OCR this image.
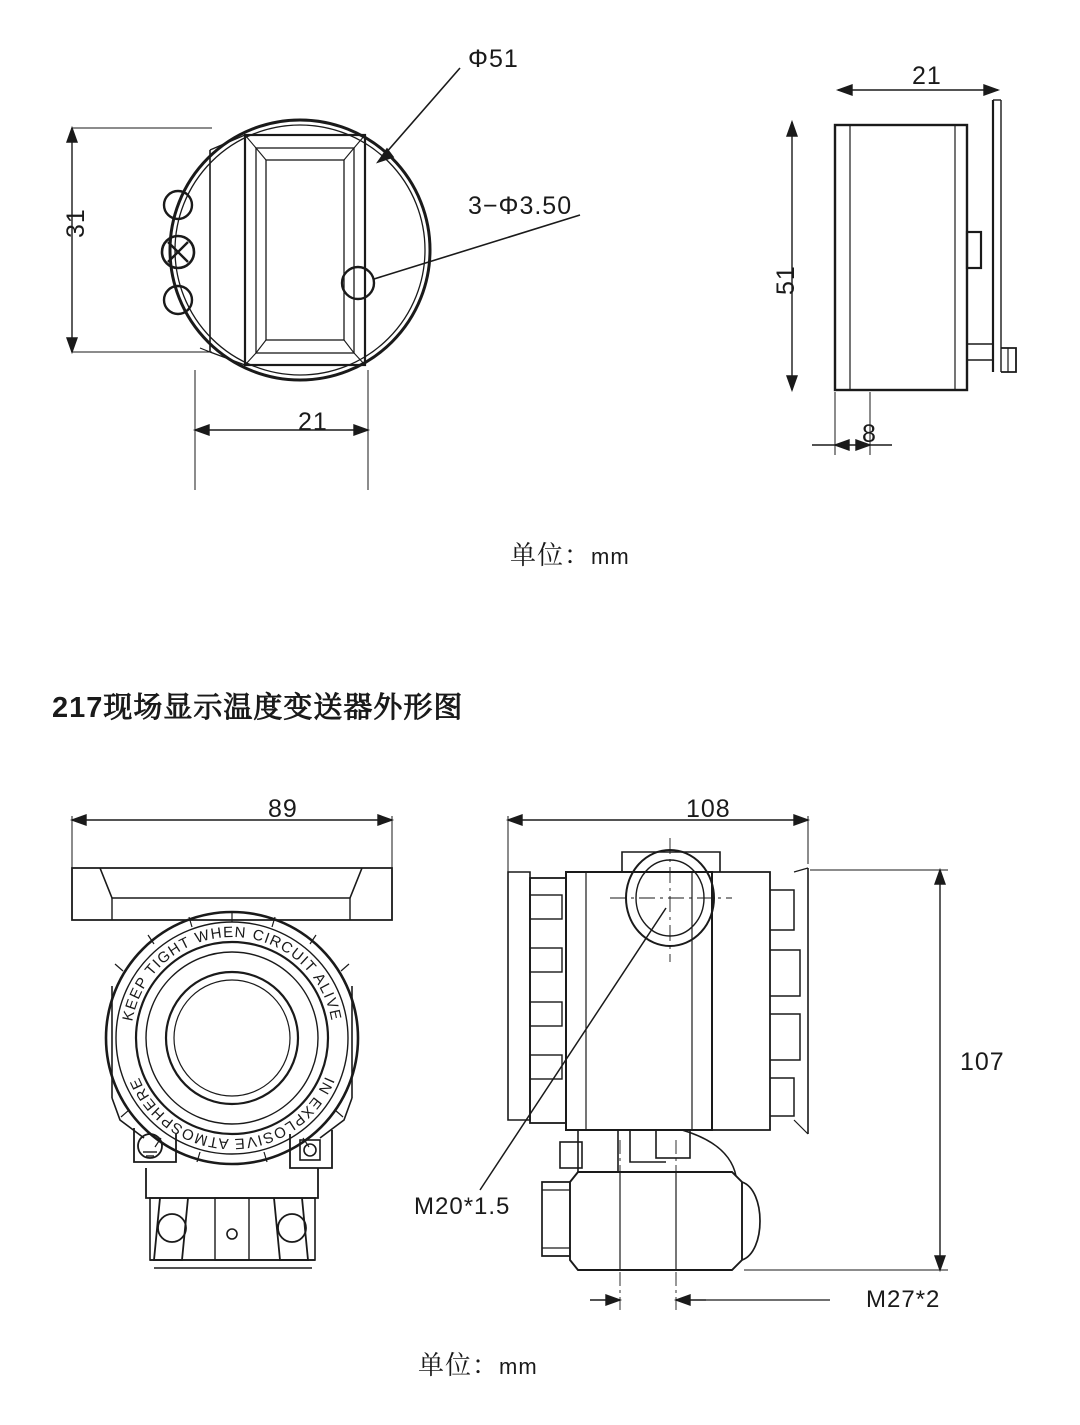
31
21
Φ51
3−Φ3.50
21
51
8
单位：mm
217现场显示温度变送器外形图
KEEP TIGHT WHEN CIRCUIT ALIVE
IN EXPLOSIVE ATMOSPHERE
89	108
107
M20*1.5
M27*2
单位：mm
